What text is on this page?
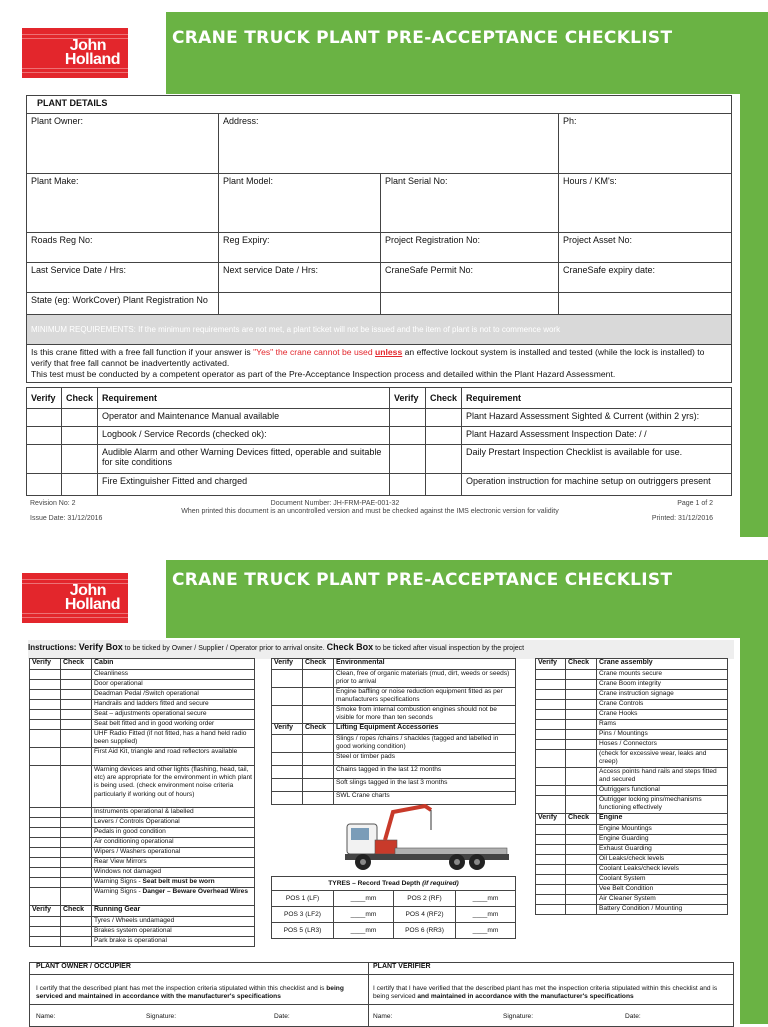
CRANE TRUCK PLANT PRE-ACCEPTANCE CHECKLIST
John
Holland
PLANT DETAILS			
Plant Owner:	Address:		Ph:
Plant Make:	Plant Model:	Plant Serial No:	Hours / KM's:
Roads Reg No:	Reg Expiry:	Project Registration No:	Project Asset No:
Last Service Date / Hrs:	Next service Date / Hrs:	CraneSafe Permit No:	CraneSafe expiry date:
State (eg: WorkCover) Plant Registration No			
MINIMUM REQUIREMENTS: If the minimum requirements are not met, a plant ticket will not be issued and the item of plant is not to commence work			
Is this crane fitted with a free fall function if your answer is "Yes" the crane cannot be used unless an effective lockout system is installed and tested (while the lock is installed) to verify that free fall cannot be inadvertently activated.
This test must be conducted by a competent operator as part of the Pre-Acceptance Inspection process and detailed within the Plant Hazard Assessment.			
Verify	Check	Requirement	Verify	Check	Requirement
		Operator and Maintenance Manual available			Plant Hazard Assessment Sighted & Current (within 2 yrs):
		Logbook / Service Records (checked ok):			Plant Hazard Assessment Inspection Date: / /
		Audible Alarm and other Warning Devices fitted, operable and suitable for site conditions			Daily Prestart Inspection Checklist is available for use.
		Fire Extinguisher Fitted and charged			Operation instruction for machine setup on outriggers present
Revision No: 2
Issue Date: 31/12/2016
Document Number: JH-FRM-PAE-001-32
When printed this document is an uncontrolled version and must be checked against the IMS electronic version for validity
Page 1 of 2
Printed: 31/12/2016
CRANE TRUCK PLANT PRE-ACCEPTANCE CHECKLIST
John
Holland
Instructions: Verify Box to be ticked by Owner / Supplier / Operator prior to arrival onsite. Check Box to be ticked after visual inspection by the project
Verify	Check	Cabin
		Cleanliness
		Door operational
		Deadman Pedal /Switch operational
		Handrails and ladders fitted and secure
		Seat – adjustments operational secure
		Seat belt fitted and in good working order
		UHF Radio Fitted (if not fitted, has a hand held radio been supplied)
		First Aid Kit, triangle and road reflectors available
		Warning devices and other lights (flashing, head, tail, etc) are appropriate for the environment in which plant is being used. (check environment noise criteria particularly if working out of hours)
		Instruments operational & labelled
		Levers / Controls Operational
		Pedals in good condition
		Air conditioning operational
		Wipers / Washers operational
		Rear View Mirrors
		Windows not damaged
		Warning Signs - Seat belt must be worn
		Warning Signs - Danger – Beware Overhead Wires
Verify	Check	Running Gear
		Tyres / Wheels undamaged
		Brakes system operational
		Park brake is operational
Verify	Check	Environmental
		Clean, free of organic materials (mud, dirt, weeds or seeds) prior to arrival
		Engine baffling or noise reduction equipment fitted as per manufacturers specifications
		Smoke from internal combustion engines should not be visible for more than ten seconds
Verify	Check	Lifting Equipment Accessories
		Slings / ropes /chains / shackles (tagged and labelled in good working condition)
		Steel or timber pads
		Chains tagged in the last 12 months
		Soft slings tagged in the last 3 months
		SWL Crane charts
TYRES – Record Tread Depth (if required)			
POS 1 (LF)	____mm	POS 2 (RF)	____mm
POS 3 (LF2)	____mm	POS 4 (RF2)	____mm
POS 5 (LR3)	____mm	POS 6 (RR3)	____mm
Verify	Check	Crane assembly
		Crane mounts secure
		Crane Boom integrity
		Crane instruction signage
		Crane Controls
		Crane Hooks
		Rams
		Pins / Mountings
		Hoses / Connectors
		(check for excessive wear, leaks and creep)
		Access points hand rails and steps fitted and secured
		Outriggers functional
		Outrigger locking pins/mechanisms functioning effectively
Verify	Check	Engine
		Engine Mountings
		Engine Guarding
		Exhaust Guarding
		Oil Leaks/check levels
		Coolant Leaks/check levels
		Coolant System
		Vee Belt Condition
		Air Cleaner System
		Battery Condition / Mounting
PLANT OWNER / OCCUPIER	PLANT VERIFIER
I certify that the described plant has met the inspection criteria stipulated within this checklist and is being serviced and maintained in accordance with the manufacturer's specifications	I certify that I have verified that the described plant has met the inspection criteria stipulated within this checklist and is being serviced and maintained in accordance with the manufacturer's specifications
Name: Signature: Date:	Name: Signature: Date:
